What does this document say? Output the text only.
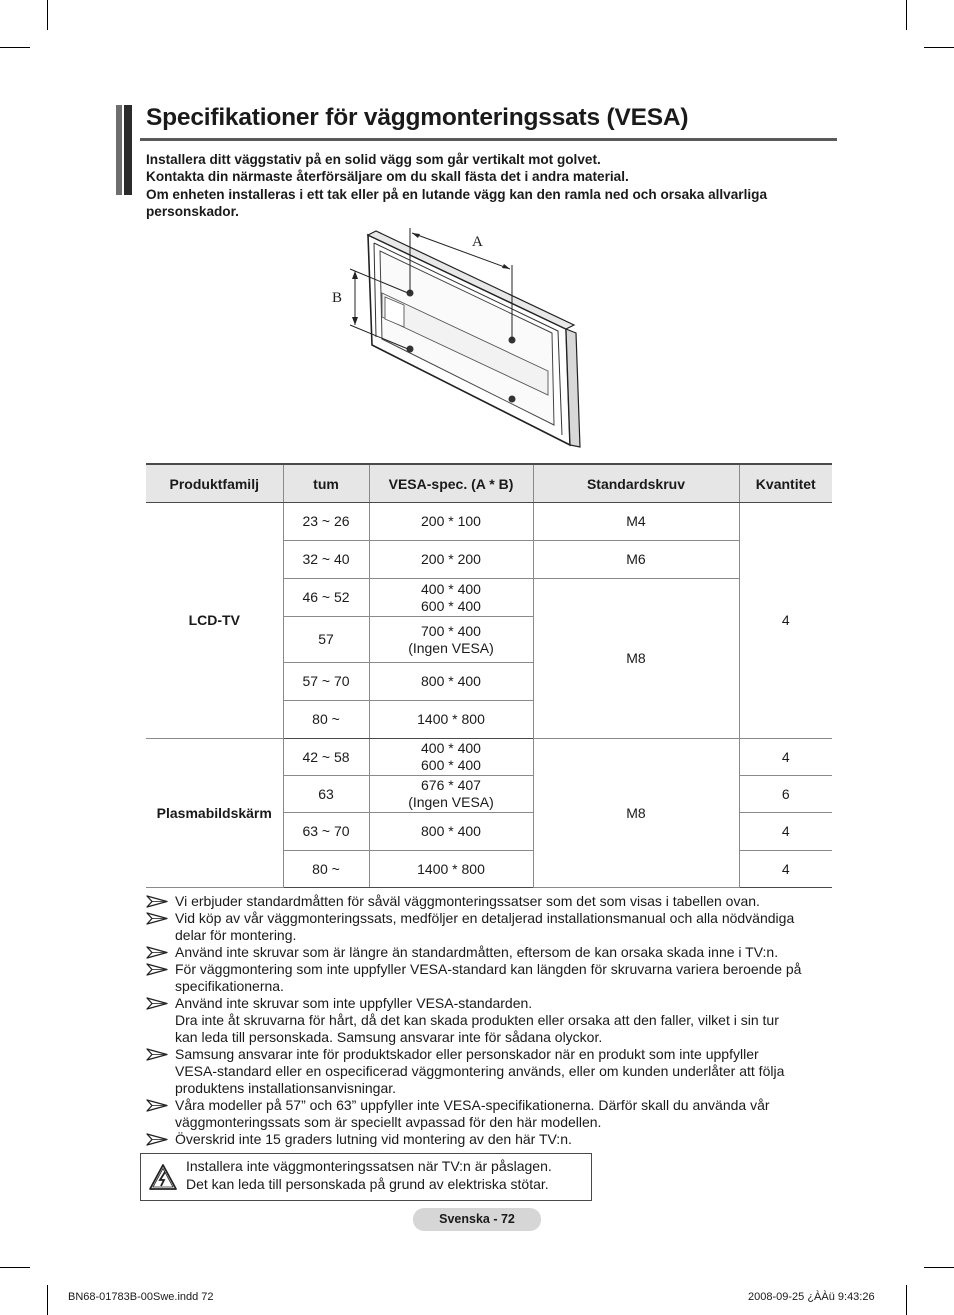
Specifikationer för väggmonteringssats (VESA)
Installera ditt väggstativ på en solid vägg som går vertikalt mot golvet.
Kontakta din närmaste återförsäljare om du skall fästa det i andra material.
Om enheten installeras i ett tak eller på en lutande vägg kan den ramla ned och orsaka allvarliga
personskador.
A
B
Produktfamilj	tum	VESA-spec. (A * B)	Standardskruv	Kvantitet
LCD-TV	23 ~ 26	200 * 100	M4	4
	32 ~ 40	200 * 200	M6	
	46 ~ 52	400 * 400
600 * 400	M8	
	57	700 * 400
(Ingen VESA)		

	57 ~ 70	800 * 400		
	80 ~	1400 * 800		
Plasmabildskärm	42 ~ 58	400 * 400
600 * 400	M8	4
	63	676 * 407
(Ingen VESA)		6
	63 ~ 70	800 * 400		4
	80 ~	1400 * 800		4

Vi erbjuder standardmåtten för såväl väggmonteringssatser som det som visas i tabellen ovan.

Vid köp av vår väggmonteringssats, medföljer en detaljerad installationsmanual och alla nödvändiga

delar för montering.

Använd inte skruvar som är längre än standardmåtten, eftersom de kan orsaka skada inne i TV:n.

För väggmontering som inte uppfyller VESA-standard kan längden för skruvarna variera beroende på

specifikationerna.

Använd inte skruvar som inte uppfyller VESA-standarden.

Dra inte åt skruvarna för hårt, då det kan skada produkten eller orsaka att den faller, vilket i sin tur

kan leda till personskada. Samsung ansvarar inte för sådana olyckor.

Samsung ansvarar inte för produktskador eller personskador när en produkt som inte uppfyller

VESA-standard eller en ospecificerad väggmontering används, eller om kunden underlåter att följa

produktens installationsanvisningar.

Våra modeller på 57” och 63” uppfyller inte VESA-specifikationerna. Därför skall du använda vår

väggmonteringssats som är speciellt avpassad för den här modellen.

Överskrid inte 15 graders lutning vid montering av den här TV:n.

Installera inte väggmonteringssatsen när TV:n är påslagen.
Det kan leda till personskada på grund av elektriska stötar.
Svenska - 72
BN68-01783B-00Swe.indd 72	2008-09-25 ¿ÀÀü 9:43:26
